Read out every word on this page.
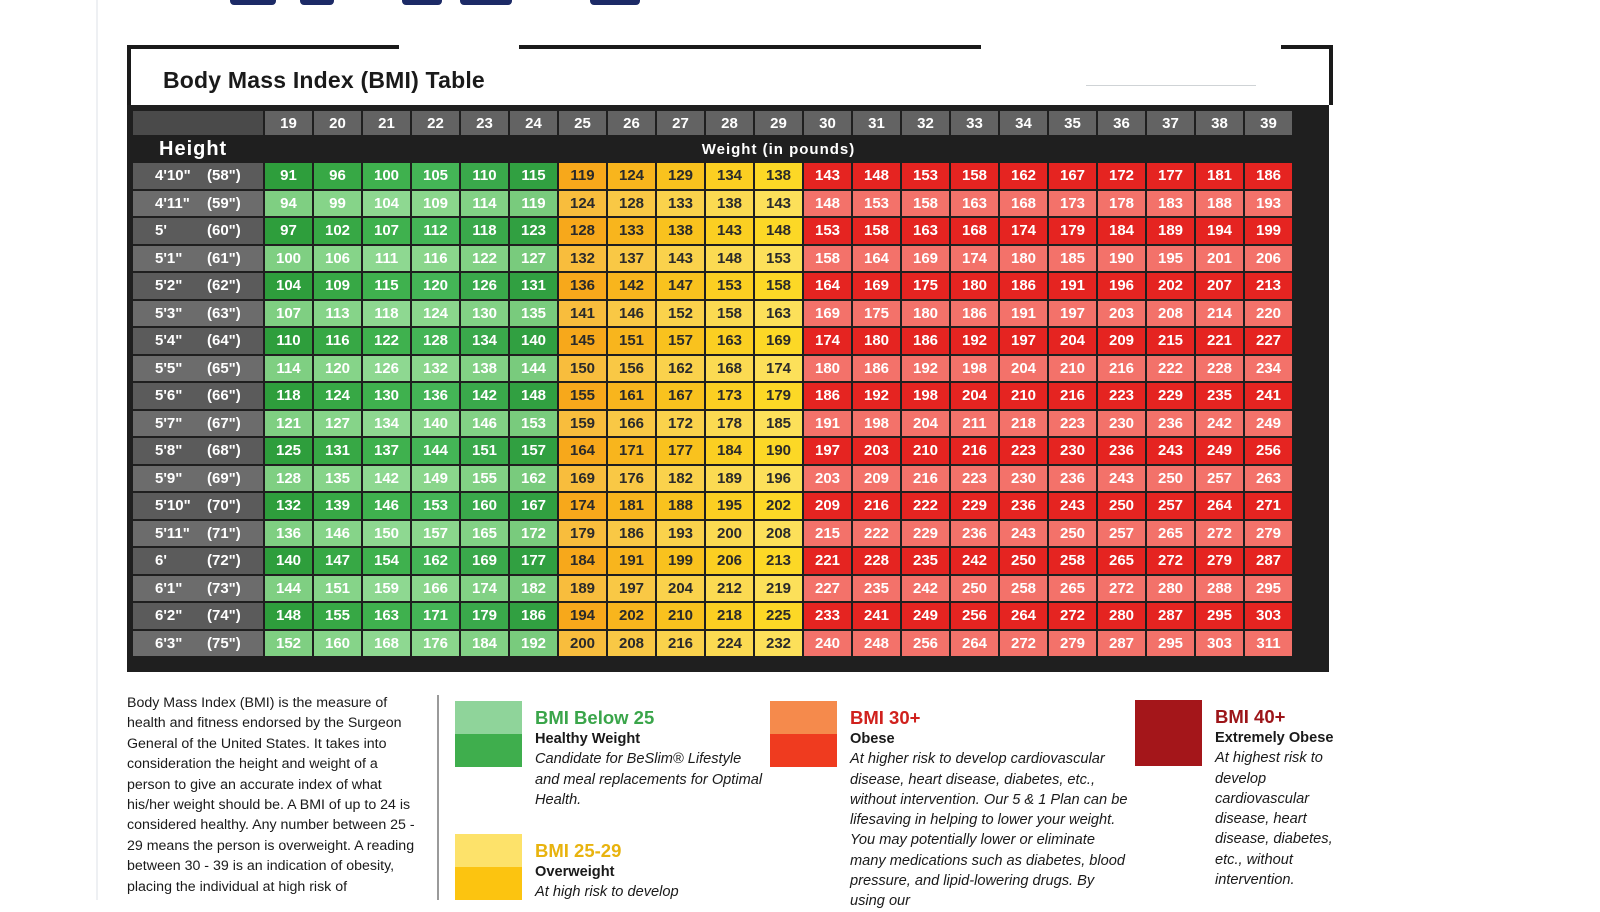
Body Mass Index (BMI) Table
	19	20	21	22	23	24	25	26	27	28	29	30	31	32	33	34	35	36	37	38	39
Height	Weight (in pounds)																				
4'10" (58")	91	96	100	105	110	115	119	124	129	134	138	143	148	153	158	162	167	172	177	181	186
4'11" (59")	94	99	104	109	114	119	124	128	133	138	143	148	153	158	163	168	173	178	183	188	193
5' (60")	97	102	107	112	118	123	128	133	138	143	148	153	158	163	168	174	179	184	189	194	199
5'1" (61")	100	106	111	116	122	127	132	137	143	148	153	158	164	169	174	180	185	190	195	201	206
5'2" (62")	104	109	115	120	126	131	136	142	147	153	158	164	169	175	180	186	191	196	202	207	213
5'3" (63")	107	113	118	124	130	135	141	146	152	158	163	169	175	180	186	191	197	203	208	214	220
5'4" (64")	110	116	122	128	134	140	145	151	157	163	169	174	180	186	192	197	204	209	215	221	227
5'5" (65")	114	120	126	132	138	144	150	156	162	168	174	180	186	192	198	204	210	216	222	228	234
5'6" (66")	118	124	130	136	142	148	155	161	167	173	179	186	192	198	204	210	216	223	229	235	241
5'7" (67")	121	127	134	140	146	153	159	166	172	178	185	191	198	204	211	218	223	230	236	242	249
5'8" (68")	125	131	137	144	151	157	164	171	177	184	190	197	203	210	216	223	230	236	243	249	256
5'9" (69")	128	135	142	149	155	162	169	176	182	189	196	203	209	216	223	230	236	243	250	257	263
5'10" (70")	132	139	146	153	160	167	174	181	188	195	202	209	216	222	229	236	243	250	257	264	271
5'11" (71")	136	146	150	157	165	172	179	186	193	200	208	215	222	229	236	243	250	257	265	272	279
6' (72")	140	147	154	162	169	177	184	191	199	206	213	221	228	235	242	250	258	265	272	279	287
6'1" (73")	144	151	159	166	174	182	189	197	204	212	219	227	235	242	250	258	265	272	280	288	295
6'2" (74")	148	155	163	171	179	186	194	202	210	218	225	233	241	249	256	264	272	280	287	295	303
6'3" (75")	152	160	168	176	184	192	200	208	216	224	232	240	248	256	264	272	279	287	295	303	311
Body Mass Index (BMI) is the measure of health and fitness endorsed by the Surgeon General of the United States. It takes into consideration the height and weight of a person to give an accurate index of what his/her weight should be. A BMI of up to 24 is considered healthy. Any number between 25 - 29 means the person is overweight. A reading between 30 - 39 is an indication of obesity, placing the individual at high risk of
BMI Below 25
Healthy Weight
Candidate for BeSlim® Lifestyle and meal replacements for Optimal Health.
BMI 25-29
Overweight
At high risk to develop
BMI 30+
Obese
At higher risk to develop cardiovascular disease, heart disease, diabetes, etc., without intervention. Our 5 & 1 Plan can be lifesaving in helping to lower your weight. You may potentially lower or eliminate many medications such as diabetes, blood pressure, and lipid-lowering drugs. By using our
BMI 40+
Extremely Obese
At highest risk to develop cardiovascular disease, heart disease, diabetes, etc., without intervention.
